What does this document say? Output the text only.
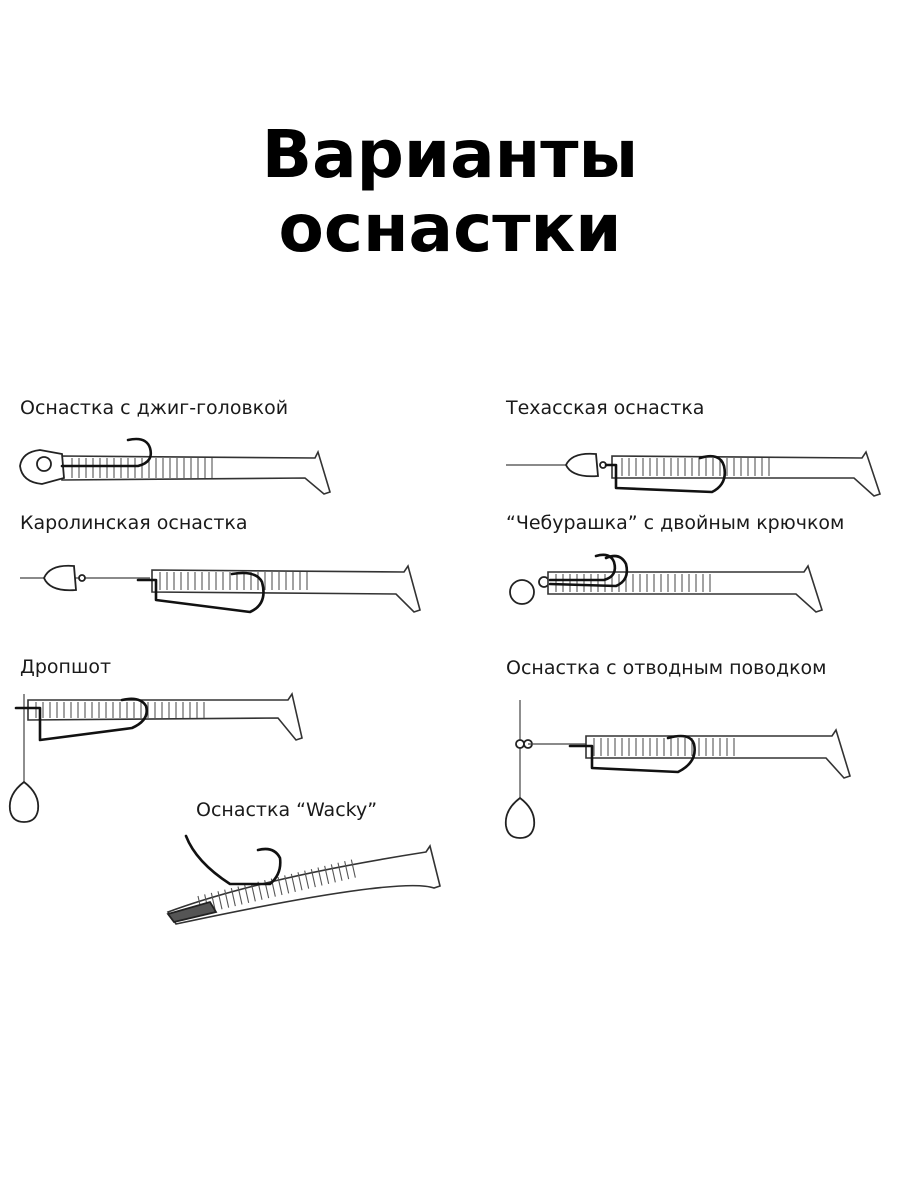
Варианты
оснастки
Оснастка с джиг-головкой	Техасская оснастка
Каролинская оснастка	“Чебурашка” с двойным крючком
Дропшот	Оснастка с отводным поводком
Оснастка “Wacky”
